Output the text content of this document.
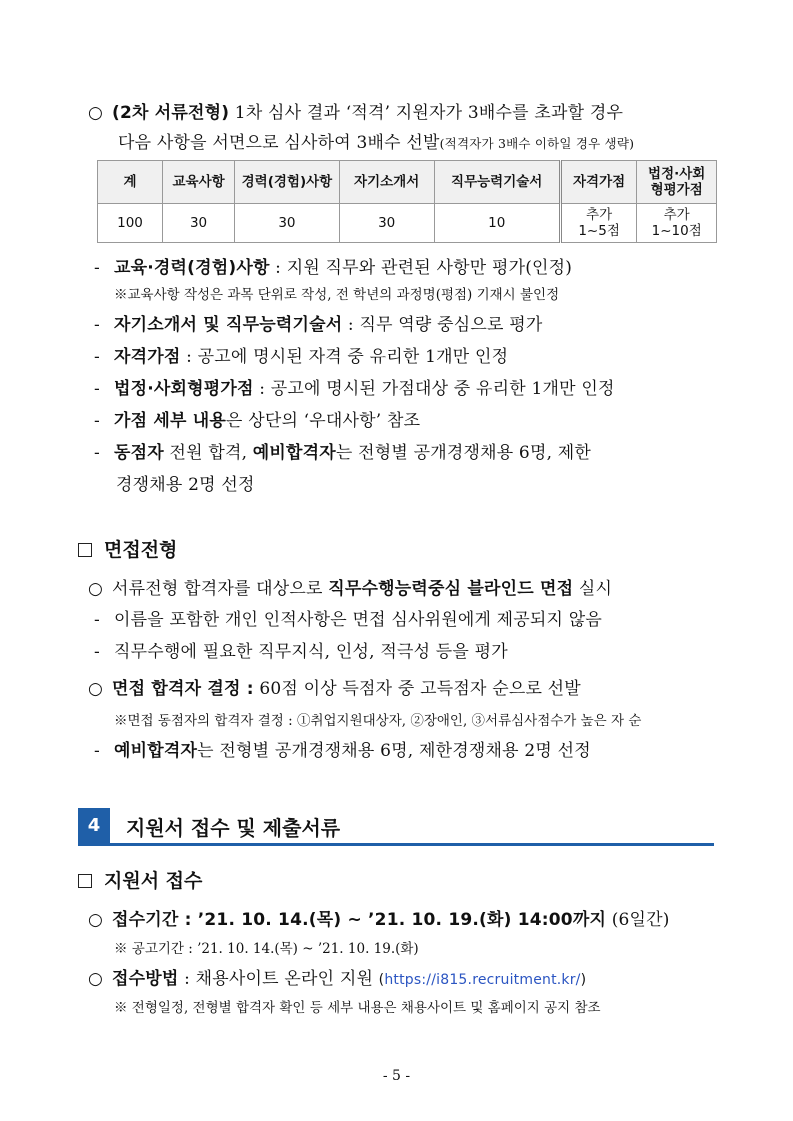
○ (2차 서류전형) 1차 심사 결과 ‘적격’ 지원자가 3배수를 초과할 경우
다음 사항을 서면으로 심사하여 3배수 선발(적격자가 3배수 이하일 경우 생략)
계	교육사항	경력(경험)사항	자기소개서	직무능력기술서	자격가점	법정·사회 형평가점
100	30	30	30	10	추가 1~5점	추가 1~10점
- 교육·경력(경험)사항 : 지원 직무와 관련된 사항만 평가(인정)
※교육사항 작성은 과목 단위로 작성, 전 학년의 과정명(평점) 기재시 불인정
- 자기소개서 및 직무능력기술서 : 직무 역량 중심으로 평가
- 자격가점 : 공고에 명시된 자격 중 유리한 1개만 인정
- 법정·사회형평가점 : 공고에 명시된 가점대상 중 유리한 1개만 인정
- 가점 세부 내용은 상단의 ‘우대사항’ 참조
- 동점자 전원 합격, 예비합격자는 전형별 공개경쟁채용 6명, 제한
경쟁채용 2명 선정
면접전형
○ 서류전형 합격자를 대상으로 직무수행능력중심 블라인드 면접 실시
- 이름을 포함한 개인 인적사항은 면접 심사위원에게 제공되지 않음
- 직무수행에 필요한 직무지식, 인성, 적극성 등을 평가
○ 면접 합격자 결정 : 60점 이상 득점자 중 고득점자 순으로 선발
※면접 동점자의 합격자 결정 : ①취업지원대상자, ②장애인, ③서류심사점수가 높은 자 순
- 예비합격자는 전형별 공개경쟁채용 6명, 제한경쟁채용 2명 선정
4	지원서 접수 및 제출서류
지원서 접수
○ 접수기간 : ’21. 10. 14.(목) ~ ’21. 10. 19.(화) 14:00까지 (6일간)
※ 공고기간 : ’21. 10. 14.(목) ~ ’21. 10. 19.(화)
○ 접수방법 : 채용사이트 온라인 지원 (https://i815.recruitment.kr/)
※ 전형일정, 전형별 합격자 확인 등 세부 내용은 채용사이트 및 홈페이지 공지 참조
- 5 -
